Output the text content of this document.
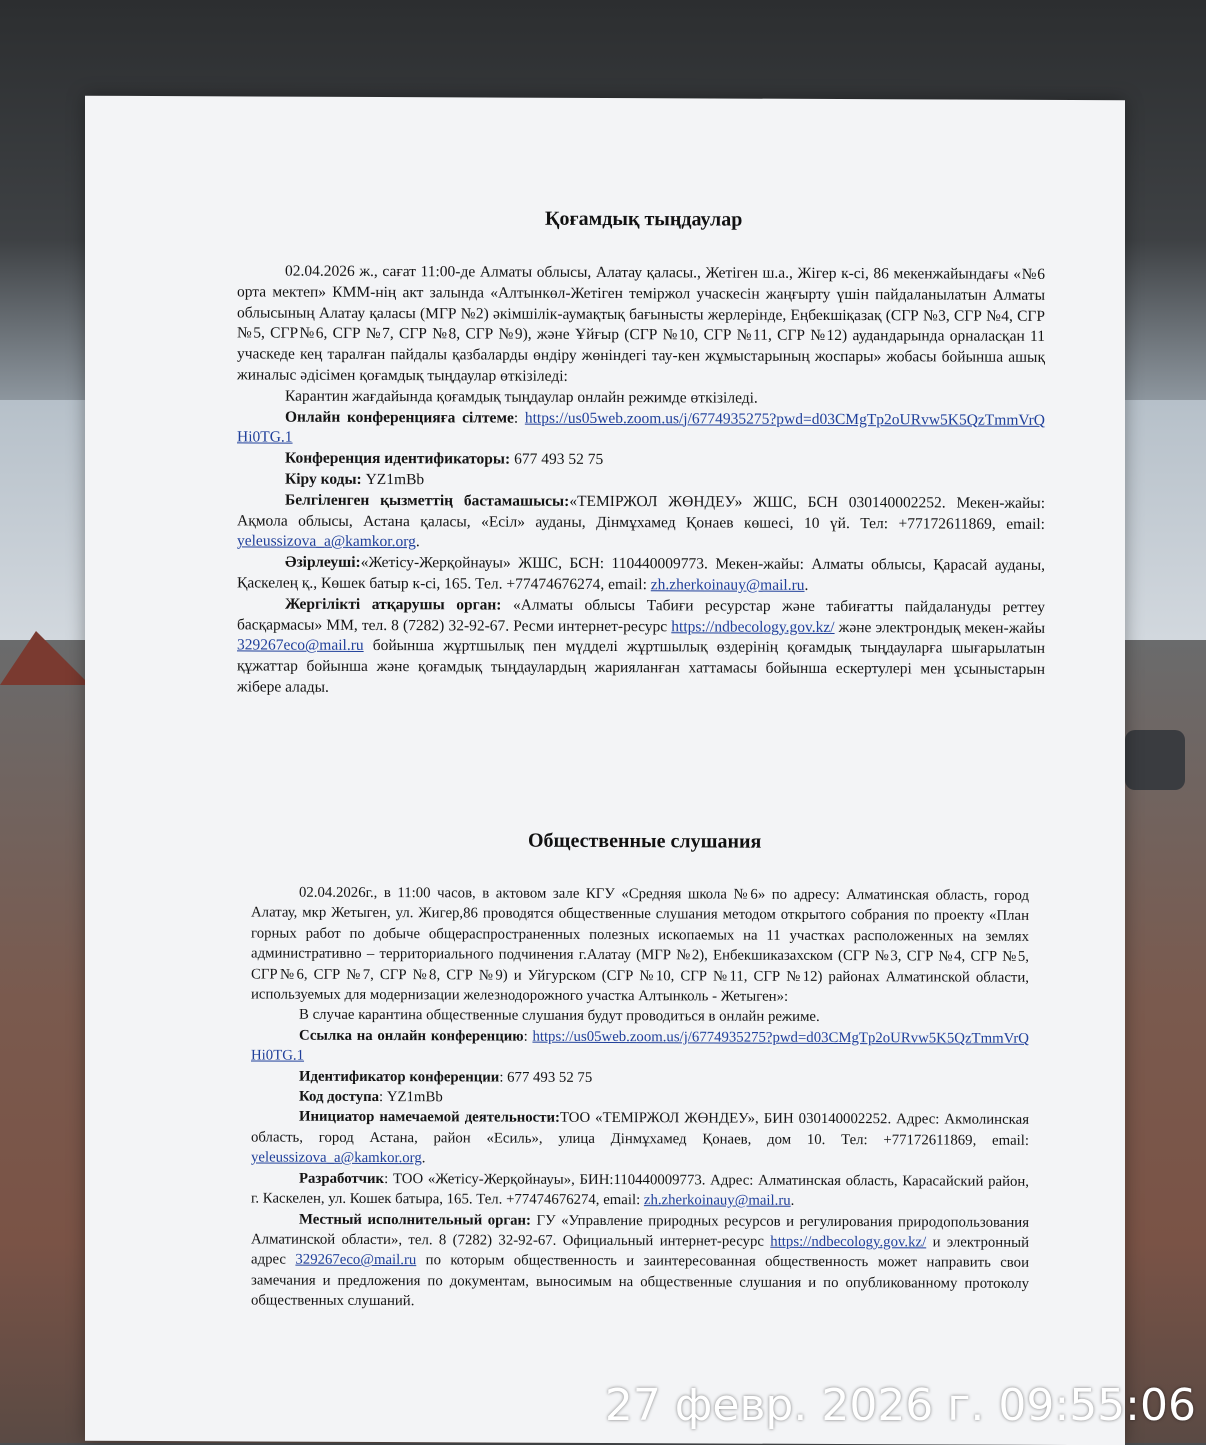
Қоғамдық тыңдаулар

02.04.2026 ж., сағат 11:00-де Алматы облысы, Алатау қаласы., Жетіген ш.а., Жігер к-сі, 86 мекенжайындағы «№6 орта мектеп» КММ-нің акт залында «Алтынкөл-Жетіген теміржол учаскесін жаңғырту үшін пайдаланылатын Алматы облысының Алатау қаласы (МГР №2) әкімшілік-аумақтық бағынысты жерлерінде, Еңбекшіқазақ (СГР №3, СГР №4, СГР №5, СГР№6, СГР №7, СГР №8, СГР №9), және Ұйғыр (СГР №10, СГР №11, СГР №12) аудандарында орналасқан 11 учаскеде кең таралған пайдалы қазбаларды өндіру жөніндегі тау-кен жұмыстарының жоспары» жобасы бойынша ашық жиналыс әдісімен қоғамдық тыңдаулар өткізіледі:

Карантин жағдайында қоғамдық тыңдаулар онлайн режимде өткізіледі.

Онлайн конференцияға сілтеме: https://us05web.zoom.us/j/6774935275?pwd=d03CMgTp2oURvw5K5QzTmmVrQHi0TG.1

Конференция идентификаторы: 677 493 52 75

Кіру коды: YZ1mBb

Белгіленген қызметтің бастамашысы:«ТЕМІРЖОЛ ЖӨНДЕУ» ЖШС, БСН 030140002252. Мекен-жайы: Ақмола облысы, Астана қаласы, «Есіл» ауданы, Дінмұхамед Қонаев көшесі, 10 үй. Тел: +77172611869, email: yeleussizova_a@kamkor.org.

Әзірлеуші:«Жетісу-Жерқойнауы» ЖШС, БСН: 110440009773. Мекен-жайы: Алматы облысы, Қарасай ауданы, Қаскелең қ., Көшек батыр к-сі, 165. Тел. +77474676274, email: zh.zherkoinauy@mail.ru.

Жергілікті атқарушы орган: «Алматы облысы Табиғи ресурстар және табиғатты пайдалануды реттеу басқармасы» ММ, тел. 8 (7282) 32-92-67. Ресми интернет-ресурс https://ndbecology.gov.kz/ және электрондық мекен-жайы 329267eco@mail.ru бойынша жұртшылық пен мүдделі жұртшылық өздерінің қоғамдық тыңдауларға шығарылатын құжаттар бойынша және қоғамдық тыңдаулардың жарияланған хаттамасы бойынша ескертулері мен ұсыныстарын жібере алады.

Общественные слушания

02.04.2026г., в 11:00 часов, в актовом зале КГУ «Средняя школа №6» по адресу: Алматинская область, город Алатау, мкр Жетыген, ул. Жигер,86 проводятся общественные слушания методом открытого собрания по проекту «План горных работ по добыче общераспространенных полезных ископаемых на 11 участках расположенных на землях административно – территориального подчинения г.Алатау (МГР №2), Енбекшиказахском (СГР №3, СГР №4, СГР №5, СГР№6, СГР №7, СГР №8, СГР №9) и Уйгурском (СГР №10, СГР №11, СГР №12) районах Алматинской области, используемых для модернизации железнодорожного участка Алтынколь - Жетыген»:

В случае карантина общественные слушания будут проводиться в онлайн режиме.

Ссылка на онлайн конференцию: https://us05web.zoom.us/j/6774935275?pwd=d03CMgTp2oURvw5K5QzTmmVrQHi0TG.1

Идентификатор конференции: 677 493 52 75

Код доступа: YZ1mBb

Инициатор намечаемой деятельности:ТОО «ТЕМІРЖОЛ ЖӨНДЕУ», БИН 030140002252. Адрес: Акмолинская область, город Астана, район «Есиль», улица Дінмұхамед Қонаев, дом 10. Тел: +77172611869, email: yeleussizova_a@kamkor.org.

Разработчик: ТОО «Жетісу-Жерқойнауы», БИН:110440009773. Адрес: Алматинская область, Карасайский район, г. Каскелен, ул. Кошек батыра, 165. Тел. +77474676274, email: zh.zherkoinauy@mail.ru.

Местный исполнительный орган: ГУ «Управление природных ресурсов и регулирования природопользования Алматинской области», тел. 8 (7282) 32-92-67. Официальный интернет-ресурс https://ndbecology.gov.kz/ и электронный адрес 329267eco@mail.ru по которым общественность и заинтересованная общественность может направить свои замечания и предложения по документам, выносимым на общественные слушания и по опубликованному протоколу общественных слушаний.

27 февр. 2026 г. 09:55:06
